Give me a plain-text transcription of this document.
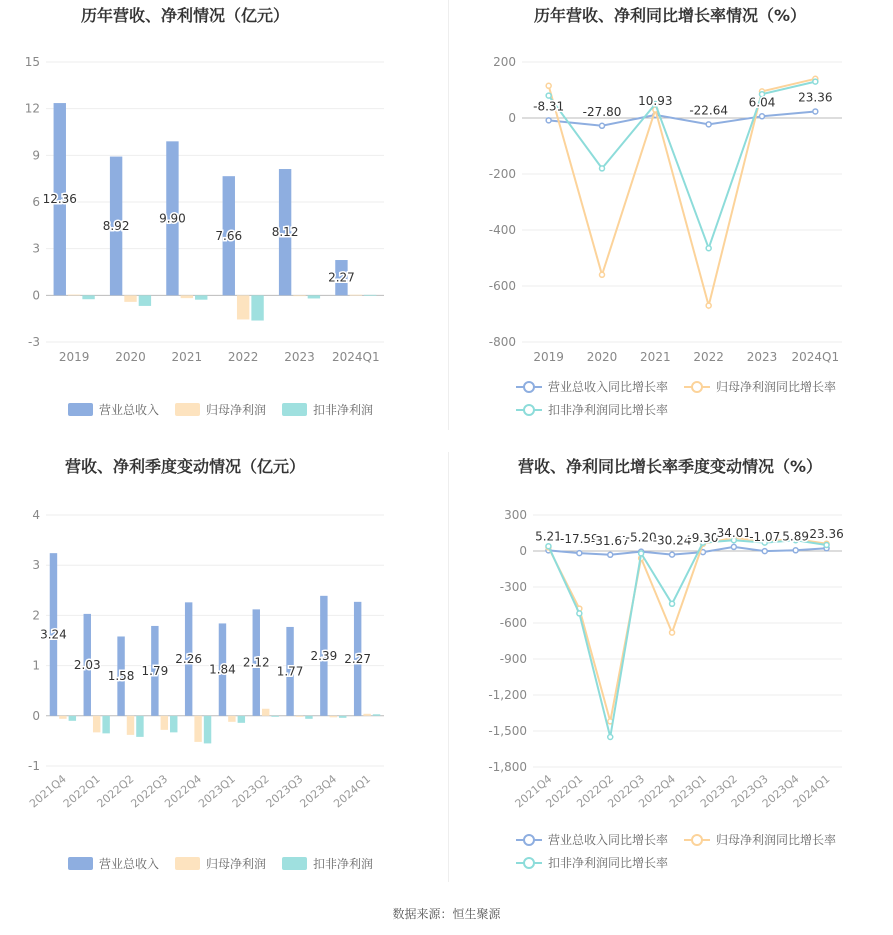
历年营收、净利情况（亿元）
-3
0
3
6
9
12
15
2019 2020 2021 2022 2023 2024Q1
12.36
8.92
9.90
7.66 8.12
2.27
营业总收入	归母净利润	扣非净利润
历年营收、净利同比增长率情况（%）
-800
-600
-400
-200
0
200
2019 2020 2021 2022 2023 2024Q1
-8.31 -27.80
10.93
-22.64
6.04 23.36
营业总收入同比增长率	归母净利润同比增长率
扣非净利润同比增长率
营收、净利季度变动情况（亿元）
-1
0
1
2
3
4
2021Q4
2022Q1
2022Q2
2022Q3
2022Q4
2023Q1
2023Q2
2023Q3
2023Q4
2024Q1
3.24
2.03
1.58 1.79
2.26
1.84
2.12
1.77
2.39 2.27
营业总收入	归母净利润	扣非净利润
营收、净利同比增长率季度变动情况（%）
-1,800
-1,500
-1,200
-900
-600
-300
0
300
2021Q4
2022Q1
2022Q2
2022Q3
2022Q4
2023Q1
2023Q2
2023Q3
2023Q4
2024Q1
5.21
-17.59
-31.67
-5.20
-30.24
-9.30
34.01
-1.07 5.89 23.36
营业总收入同比增长率	归母净利润同比增长率
扣非净利润同比增长率
数据来源：恒生聚源
